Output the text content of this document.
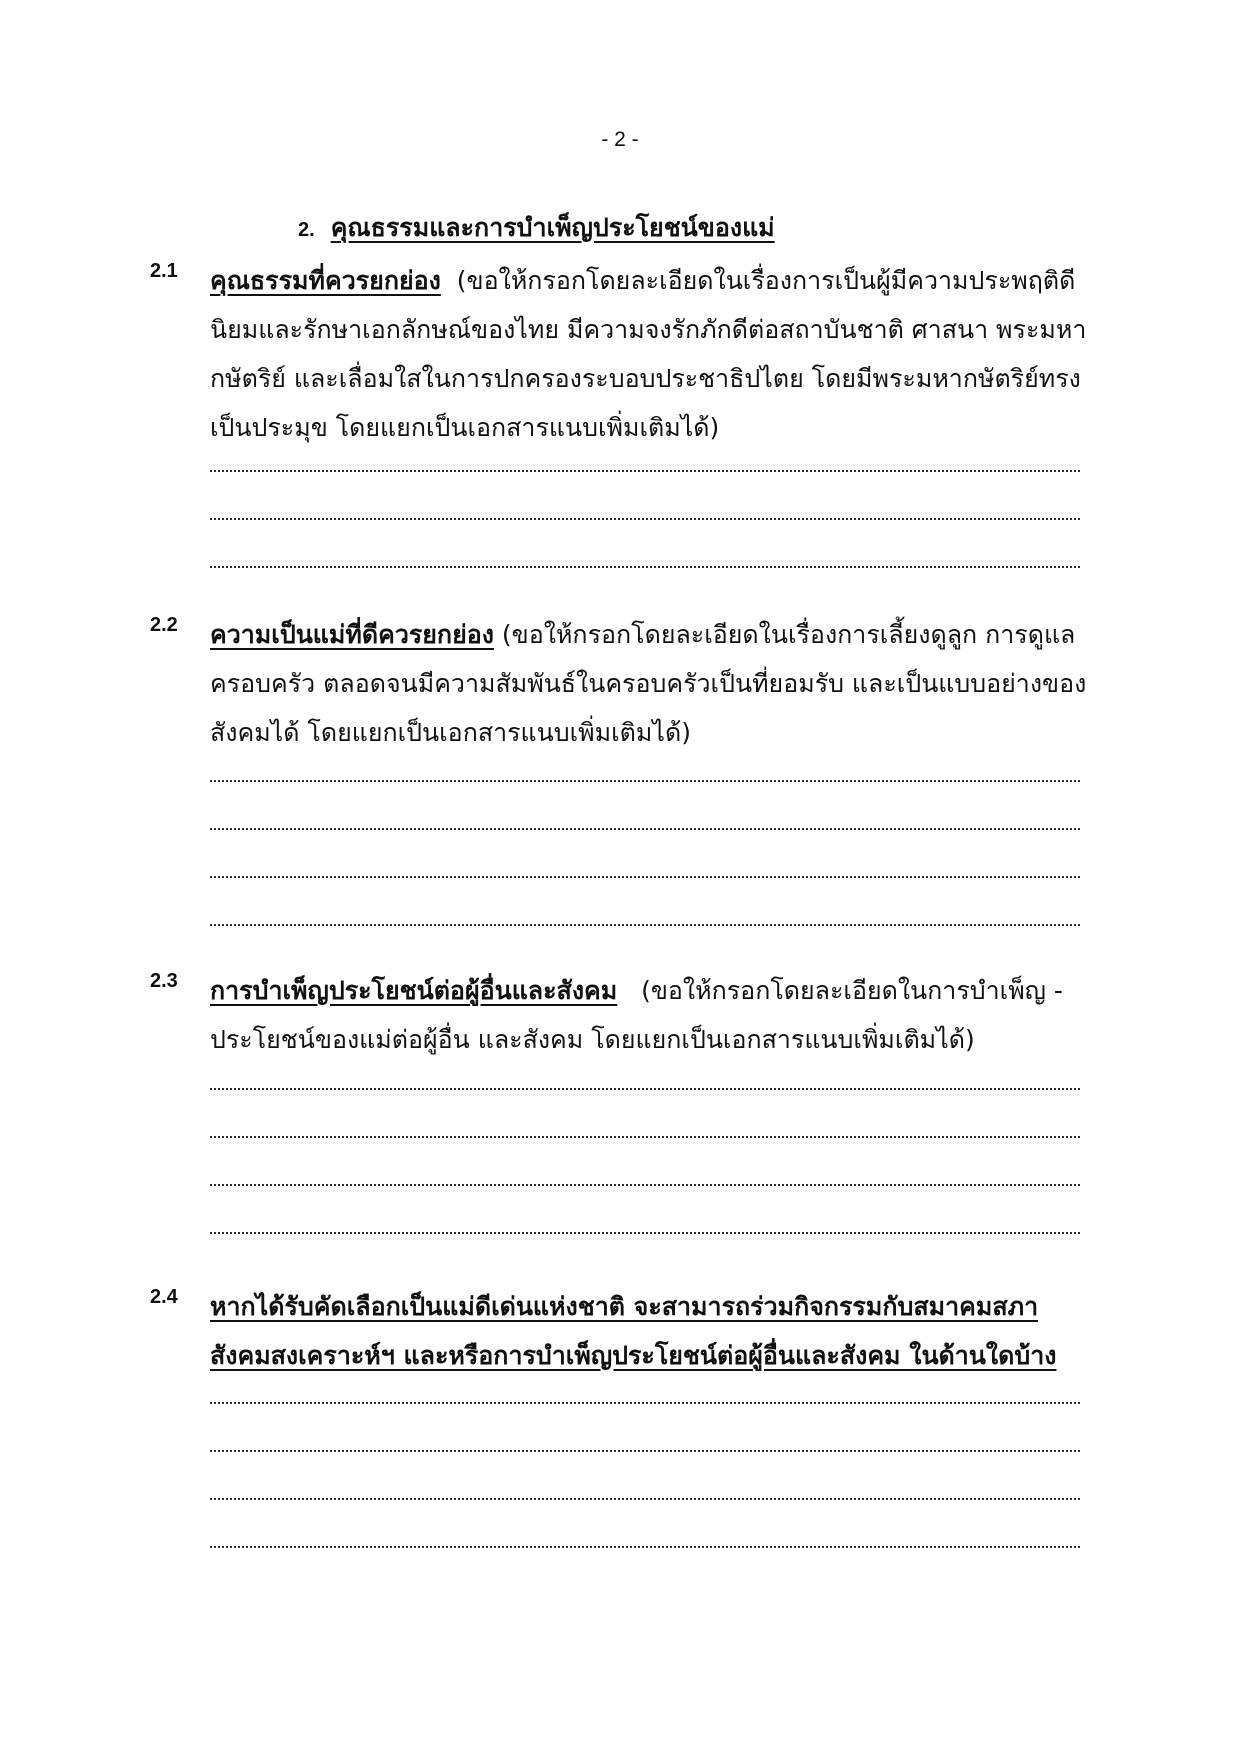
- 2 -
2. คุณธรรมและการบำเพ็ญประโยชน์ของแม่
2.1 คุณธรรมที่ควรยกย่อง (ขอให้กรอกโดยละเอียดในเรื่องการเป็นผู้มีความประพฤติดีนิยมและรักษาเอกลักษณ์ของไทย มีความจงรักภักดีต่อสถาบันชาติ ศาสนา พระมหากษัตริย์ และเลื่อมใสในการปกครองระบอบประชาธิปไตย โดยมีพระมหากษัตริย์ทรงเป็นประมุข โดยแยกเป็นเอกสารแนบเพิ่มเติมได้)
2.2 ความเป็นแม่ที่ดีควรยกย่อง (ขอให้กรอกโดยละเอียดในเรื่องการเลี้ยงดูลูก การดูแลครอบครัว ตลอดจนมีความสัมพันธ์ในครอบครัวเป็นที่ยอมรับ และเป็นแบบอย่างของสังคมได้ โดยแยกเป็นเอกสารแนบเพิ่มเติมได้)
2.3 การบำเพ็ญประโยชน์ต่อผู้อื่นและสังคม (ขอให้กรอกโดยละเอียดในการบำเพ็ญ - ประโยชน์ของแม่ต่อผู้อื่น และสังคม โดยแยกเป็นเอกสารแนบเพิ่มเติมได้)
2.4 หากได้รับคัดเลือกเป็นแม่ดีเด่นแห่งชาติ จะสามารถร่วมกิจกรรมกับสมาคมสภาสังคมสงเคราะห์ฯ และหรือการบำเพ็ญประโยชน์ต่อผู้อื่นและสังคม ในด้านใดบ้าง
